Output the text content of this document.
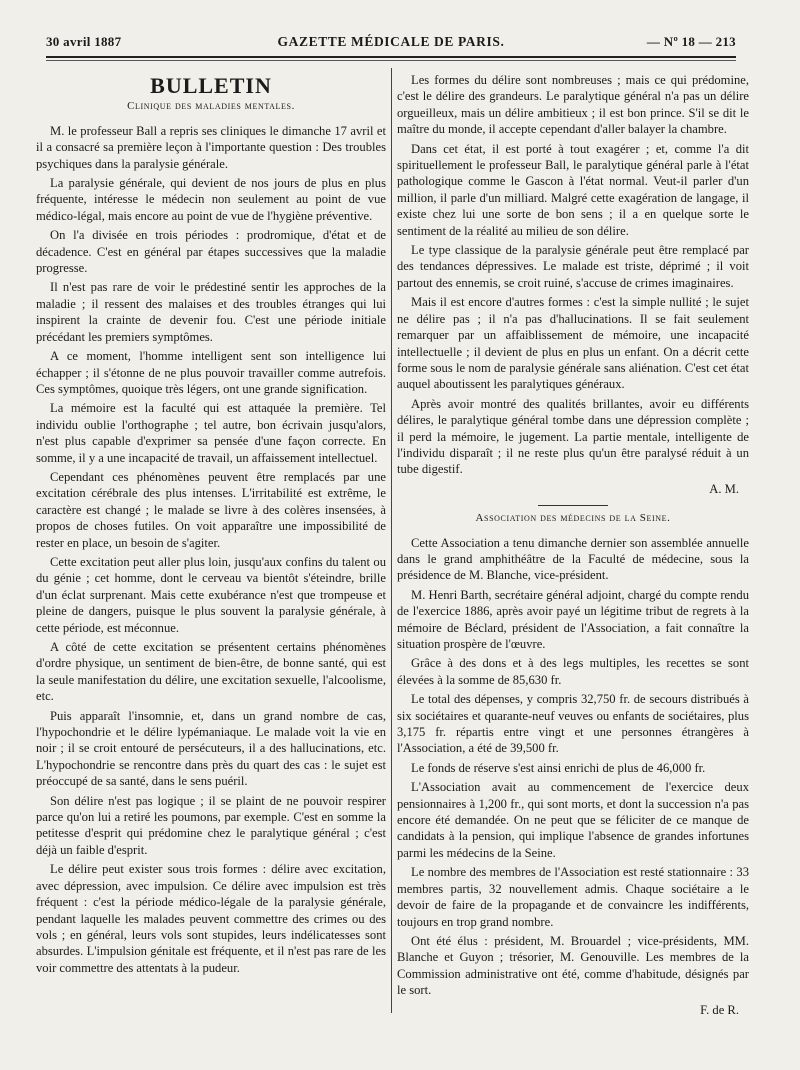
30 avril 1887	GAZETTE MÉDICALE DE PARIS.	— Nº 18 — 213
BULLETIN
Clinique des maladies mentales.

M. le professeur Ball a repris ses cliniques le dimanche 17 avril et il a consacré sa première leçon à l'importante question : Des troubles psychiques dans la paralysie générale.

La paralysie générale, qui devient de nos jours de plus en plus fréquente, intéresse le médecin non seulement au point de vue médico-légal, mais encore au point de vue de l'hygiène préventive.

On l'a divisée en trois périodes : prodromique, d'état et de décadence. C'est en général par étapes successives que la maladie progresse.

Il n'est pas rare de voir le prédestiné sentir les approches de la maladie ; il ressent des malaises et des troubles étranges qui lui inspirent la crainte de devenir fou. C'est une période initiale précédant les premiers symptômes.

A ce moment, l'homme intelligent sent son intelligence lui échapper ; il s'étonne de ne plus pouvoir travailler comme autrefois. Ces symptômes, quoique très légers, ont une grande signification.

La mémoire est la faculté qui est attaquée la première. Tel individu oublie l'orthographe ; tel autre, bon écrivain jusqu'alors, n'est plus capable d'exprimer sa pensée d'une façon correcte. En somme, il y a une incapacité de travail, un affaissement intellectuel.

Cependant ces phénomènes peuvent être remplacés par une excitation cérébrale des plus intenses. L'irritabilité est extrême, le caractère est changé ; le malade se livre à des colères insensées, à propos de choses futiles. On voit apparaître une impossibilité de rester en place, un besoin de s'agiter.

Cette excitation peut aller plus loin, jusqu'aux confins du talent ou du génie ; cet homme, dont le cerveau va bientôt s'éteindre, brille d'un éclat surprenant. Mais cette exubérance n'est que trompeuse et pleine de dangers, puisque le plus souvent la paralysie générale, à cette période, est méconnue.

A côté de cette excitation se présentent certains phénomènes d'ordre physique, un sentiment de bien-être, de bonne santé, qui est la seule manifestation du délire, une excitation sexuelle, l'alcoolisme, etc.

Puis apparaît l'insomnie, et, dans un grand nombre de cas, l'hypochondrie et le délire lypémaniaque. Le malade voit la vie en noir ; il se croit entouré de persécuteurs, il a des hallucinations, etc. L'hypochondrie se rencontre dans près du quart des cas : le sujet est préoccupé de sa santé, dans le sens puéril.

Son délire n'est pas logique ; il se plaint de ne pouvoir respirer parce qu'on lui a retiré les poumons, par exemple. C'est en somme la petitesse d'esprit qui prédomine chez le paralytique général ; c'est déjà un faible d'esprit.

Le délire peut exister sous trois formes : délire avec excitation, avec dépression, avec impulsion. Ce délire avec impulsion est très fréquent : c'est la période médico-légale de la paralysie générale, pendant laquelle les malades peuvent commettre des crimes ou des vols ; en général, leurs vols sont stupides, leurs indélicatesses sont absurdes. L'impulsion génitale est fréquente, et il n'est pas rare de les voir commettre des attentats à la pudeur.

Les formes du délire sont nombreuses ; mais ce qui prédomine, c'est le délire des grandeurs. Le paralytique général n'a pas un délire orgueilleux, mais un délire ambitieux ; il est bon prince. S'il se dit le maître du monde, il accepte cependant d'aller balayer la chambre.

Dans cet état, il est porté à tout exagérer ; et, comme l'a dit spirituellement le professeur Ball, le paralytique général parle à l'état pathologique comme le Gascon à l'état normal. Veut-il parler d'un million, il parle d'un milliard. Malgré cette exagération de langage, il existe chez lui une sorte de bon sens ; il a en quelque sorte le sentiment de la réalité au milieu de son délire.

Le type classique de la paralysie générale peut être remplacé par des tendances dépressives. Le malade est triste, déprimé ; il voit partout des ennemis, se croit ruiné, s'accuse de crimes imaginaires.

Mais il est encore d'autres formes : c'est la simple nullité ; le sujet ne délire pas ; il n'a pas d'hallucinations. Il se fait seulement remarquer par un affaiblissement de mémoire, une incapacité intellectuelle ; il devient de plus en plus un enfant. On a décrit cette forme sous le nom de paralysie générale sans aliénation. C'est cet état auquel aboutissent les paralytiques généraux.

Après avoir montré des qualités brillantes, avoir eu différents délires, le paralytique général tombe dans une dépression complète ; il perd la mémoire, le jugement. La partie mentale, intelligente de l'individu disparaît ; il ne reste plus qu'un être paralysé réduit à un tube digestif.

A. M.
Association des médecins de la Seine.

Cette Association a tenu dimanche dernier son assemblée annuelle dans le grand amphithéâtre de la Faculté de médecine, sous la présidence de M. Blanche, vice-président.

M. Henri Barth, secrétaire général adjoint, chargé du compte rendu de l'exercice 1886, après avoir payé un légitime tribut de regrets à la mémoire de Béclard, président de l'Association, a fait connaître la situation prospère de l'œuvre.

Grâce à des dons et à des legs multiples, les recettes se sont élevées à la somme de 85,630 fr.

Le total des dépenses, y compris 32,750 fr. de secours distribués à six sociétaires et quarante-neuf veuves ou enfants de sociétaires, plus 3,175 fr. répartis entre vingt et une personnes étrangères à l'Association, a été de 39,500 fr.

Le fonds de réserve s'est ainsi enrichi de plus de 46,000 fr.

L'Association avait au commencement de l'exercice deux pensionnaires à 1,200 fr., qui sont morts, et dont la succession n'a pas encore été demandée. On ne peut que se féliciter de ce manque de candidats à la pension, qui implique l'absence de grandes infortunes parmi les médecins de la Seine.

Le nombre des membres de l'Association est resté stationnaire : 33 membres partis, 32 nouvellement admis. Chaque sociétaire a le devoir de faire de la propagande et de convaincre les indifférents, toujours en trop grand nombre.

Ont été élus : président, M. Brouardel ; vice-présidents, MM. Blanche et Guyon ; trésorier, M. Genouville. Les membres de la Commission administrative ont été, comme d'habitude, désignés par le sort.

F. de R.
